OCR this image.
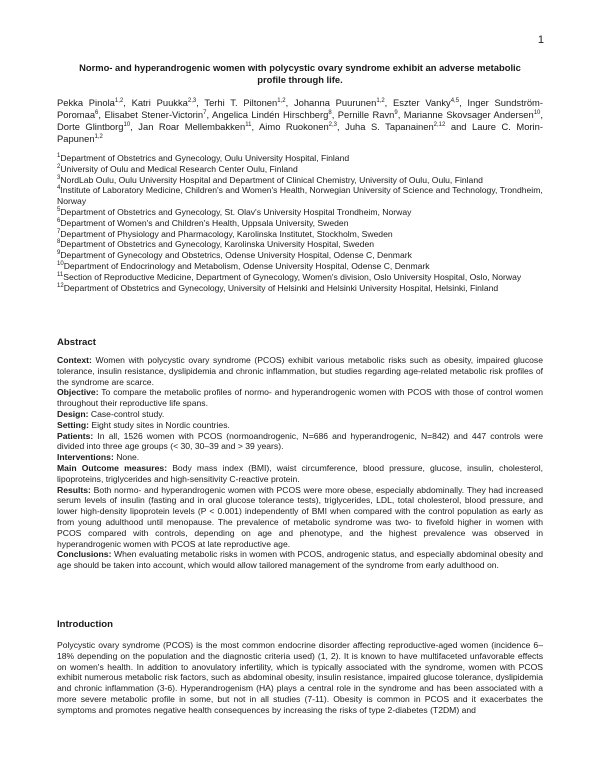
1
Normo- and hyperandrogenic women with polycystic ovary syndrome exhibit an adverse metabolic profile through life.
Pekka Pinola$^{1,2}$, Katri Puukka$^{2,3}$, Terhi T. Piltonen$^{1,2}$, Johanna Puurunen$^{1,2}$, Eszter Vanky$^{4,5}$, Inger Sundström-Poromaa$^6$, Elisabet Stener-Victorin$^7$, Angelica Lindén Hirschberg$^8$, Pernille Ravn$^9$, Marianne Skovsager Andersen$^{10}$, Dorte Glintborg$^{10}$, Jan Roar Mellembakken$^{11}$, Aimo Ruokonen$^{2,3}$, Juha S. Tapanainen$^{2,12}$ and Laure C. Morin-Papunen$^{1,2}$
$^1$Department of Obstetrics and Gynecology, Oulu University Hospital, Finland
$^2$University of Oulu and Medical Research Center Oulu, Finland
$^3$NordLab Oulu, Oulu University Hospital and Department of Clinical Chemistry, University of Oulu, Oulu, Finland
$^4$Institute of Laboratory Medicine, Children's and Women's Health, Norwegian University of Science and Technology, Trondheim, Norway
$^5$Department of Obstetrics and Gynecology, St. Olav's University Hospital Trondheim, Norway
$^6$Department of Women's and Children's Health, Uppsala University, Sweden
$^7$Department of Physiology and Pharmacology, Karolinska Institutet, Stockholm, Sweden
$^8$Department of Obstetrics and Gynecology, Karolinska University Hospital, Sweden
$^9$Department of Gynecology and Obstetrics, Odense University Hospital, Odense C, Denmark
$^{10}$Department of Endocrinology and Metabolism, Odense University Hospital, Odense C, Denmark
$^{11}$Section of Reproductive Medicine, Department of Gynecology, Women's division, Oslo University Hospital, Oslo, Norway
$^{12}$Department of Obstetrics and Gynecology, University of Helsinki and Helsinki University Hospital, Helsinki, Finland
Abstract

Context: Women with polycystic ovary syndrome (PCOS) exhibit various metabolic risks such as obesity, impaired glucose tolerance, insulin resistance, dyslipidemia and chronic inflammation, but studies regarding age-related metabolic risk profiles of the syndrome are scarce.

Objective: To compare the metabolic profiles of normo- and hyperandrogenic women with PCOS with those of control women throughout their reproductive life spans.

Design: Case-control study.

Setting: Eight study sites in Nordic countries.

Patients: In all, 1526 women with PCOS (normoandrogenic, N=686 and hyperandrogenic, N=842) and 447 controls were divided into three age groups (< 30, 30–39 and > 39 years).

Interventions: None.

Main Outcome measures: Body mass index (BMI), waist circumference, blood pressure, glucose, insulin, cholesterol, lipoproteins, triglycerides and high-sensitivity C-reactive protein.

Results: Both normo- and hyperandrogenic women with PCOS were more obese, especially abdominally. They had increased serum levels of insulin (fasting and in oral glucose tolerance tests), triglycerides, LDL, total cholesterol, blood pressure, and lower high-density lipoprotein levels (P < 0.001) independently of BMI when compared with the control population as early as from young adulthood until menopause. The prevalence of metabolic syndrome was two- to fivefold higher in women with PCOS compared with controls, depending on age and phenotype, and the highest prevalence was observed in hyperandrogenic women with PCOS at late reproductive age.

Conclusions: When evaluating metabolic risks in women with PCOS, androgenic status, and especially abdominal obesity and age should be taken into account, which would allow tailored management of the syndrome from early adulthood on.

Introduction

Polycystic ovary syndrome (PCOS) is the most common endocrine disorder affecting reproductive-aged women (incidence 6–18% depending on the population and the diagnostic criteria used) (1, 2). It is known to have multifaceted unfavorable effects on women's health. In addition to anovulatory infertility, which is typically associated with the syndrome, women with PCOS exhibit numerous metabolic risk factors, such as abdominal obesity, insulin resistance, impaired glucose tolerance, dyslipidemia and chronic inflammation (3-6). Hyperandrogenism (HA) plays a central role in the syndrome and has been associated with a more severe metabolic profile in some, but not in all studies (7-11). Obesity is common in PCOS and it exacerbates the symptoms and promotes negative health consequences by increasing the risks of type 2-diabetes (T2DM) and
